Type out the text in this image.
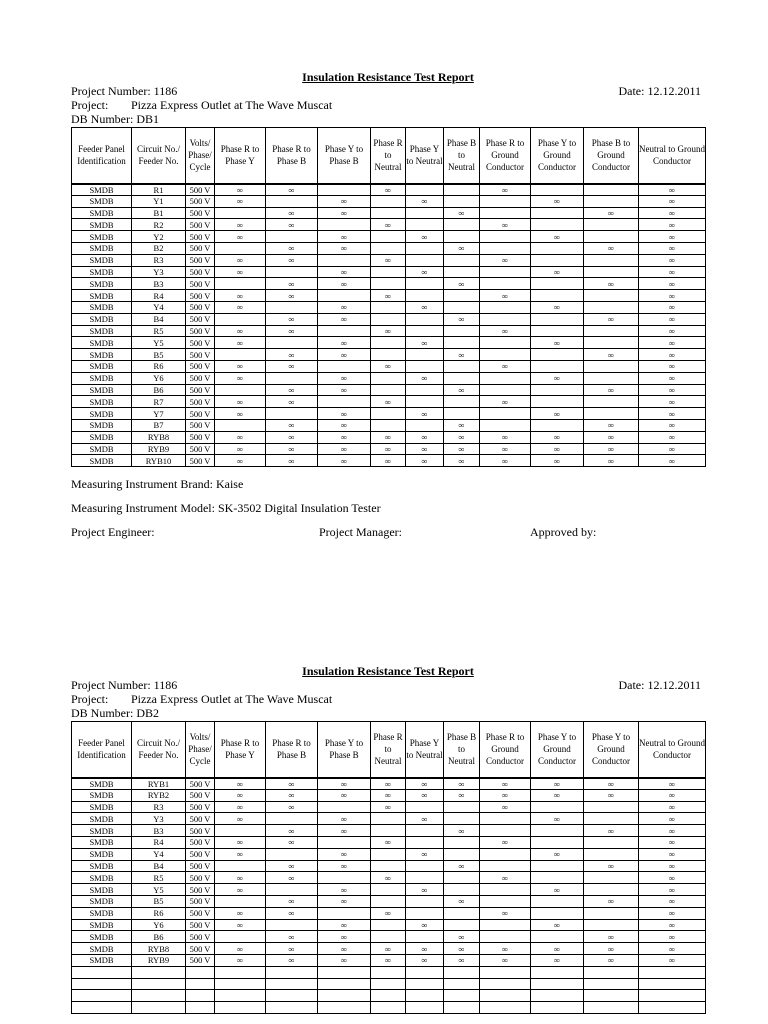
Insulation Resistance Test Report
Project Number: 1186	Date: 12.12.2011
Project: Pizza Express Outlet at The Wave Muscat
DB Number: DB1
Feeder Panel Identification	Circuit No./ Feeder No.	Volts/ Phase/ Cycle	Phase R to Phase Y	Phase R to Phase B	Phase Y to Phase B	Phase R to Neutral	Phase Y to Neutral	Phase B to Neutral	Phase R to Ground Conductor	Phase Y to Ground Conductor	Phase B to Ground Conductor	Neutral to Ground Conductor
SMDB	R1	500 V	∞	∞		∞			∞			∞
SMDB	Y1	500 V	∞		∞		∞			∞		∞
SMDB	B1	500 V		∞	∞			∞			∞	∞
SMDB	R2	500 V	∞	∞		∞			∞			∞
SMDB	Y2	500 V	∞		∞		∞			∞		∞
SMDB	B2	500 V		∞	∞			∞			∞	∞
SMDB	R3	500 V	∞	∞		∞			∞			∞
SMDB	Y3	500 V	∞		∞		∞			∞		∞
SMDB	B3	500 V		∞	∞			∞			∞	∞
SMDB	R4	500 V	∞	∞		∞			∞			∞
SMDB	Y4	500 V	∞		∞		∞			∞		∞
SMDB	B4	500 V		∞	∞			∞			∞	∞
SMDB	R5	500 V	∞	∞		∞			∞			∞
SMDB	Y5	500 V	∞		∞		∞			∞		∞
SMDB	B5	500 V		∞	∞			∞			∞	∞
SMDB	R6	500 V	∞	∞		∞			∞			∞
SMDB	Y6	500 V	∞		∞		∞			∞		∞
SMDB	B6	500 V		∞	∞			∞			∞	∞
SMDB	R7	500 V	∞	∞		∞			∞			∞
SMDB	Y7	500 V	∞		∞		∞			∞		∞
SMDB	B7	500 V		∞	∞			∞			∞	∞
SMDB	RYB8	500 V	∞	∞	∞	∞	∞	∞	∞	∞	∞	∞
SMDB	RYB9	500 V	∞	∞	∞	∞	∞	∞	∞	∞	∞	∞
SMDB	RYB10	500 V	∞	∞	∞	∞	∞	∞	∞	∞	∞	∞
Measuring Instrument Brand: Kaise
Measuring Instrument Model: SK-3502 Digital Insulation Tester
Project Engineer:	Project Manager:	Approved by:
Insulation Resistance Test Report
Project Number: 1186	Date: 12.12.2011
Project: Pizza Express Outlet at The Wave Muscat
DB Number: DB2
Feeder Panel Identification	Circuit No./ Feeder No.	Volts/ Phase/ Cycle	Phase R to Phase Y	Phase R to Phase B	Phase Y to Phase B	Phase R to Neutral	Phase Y to Neutral	Phase B to Neutral	Phase R to Ground Conductor	Phase Y to Ground Conductor	Phase Y to Ground Conductor	Neutral to Ground Conductor
SMDB	RYB1	500 V	∞	∞	∞	∞	∞	∞	∞	∞	∞	∞
SMDB	RYB2	500 V	∞	∞	∞	∞	∞	∞	∞	∞	∞	∞
SMDB	R3	500 V	∞	∞		∞			∞			∞
SMDB	Y3	500 V	∞		∞		∞			∞		∞
SMDB	B3	500 V		∞	∞			∞			∞	∞
SMDB	R4	500 V	∞	∞		∞			∞			∞
SMDB	Y4	500 V	∞		∞		∞			∞		∞
SMDB	B4	500 V		∞	∞			∞			∞	∞
SMDB	R5	500 V	∞	∞		∞			∞			∞
SMDB	Y5	500 V	∞		∞		∞			∞		∞
SMDB	B5	500 V		∞	∞			∞			∞	∞
SMDB	R6	500 V	∞	∞		∞			∞			∞
SMDB	Y6	500 V	∞		∞		∞			∞		∞
SMDB	B6	500 V		∞	∞			∞			∞	∞
SMDB	RYB8	500 V	∞	∞	∞	∞	∞	∞	∞	∞	∞	∞
SMDB	RYB9	500 V	∞	∞	∞	∞	∞	∞	∞	∞	∞	∞
